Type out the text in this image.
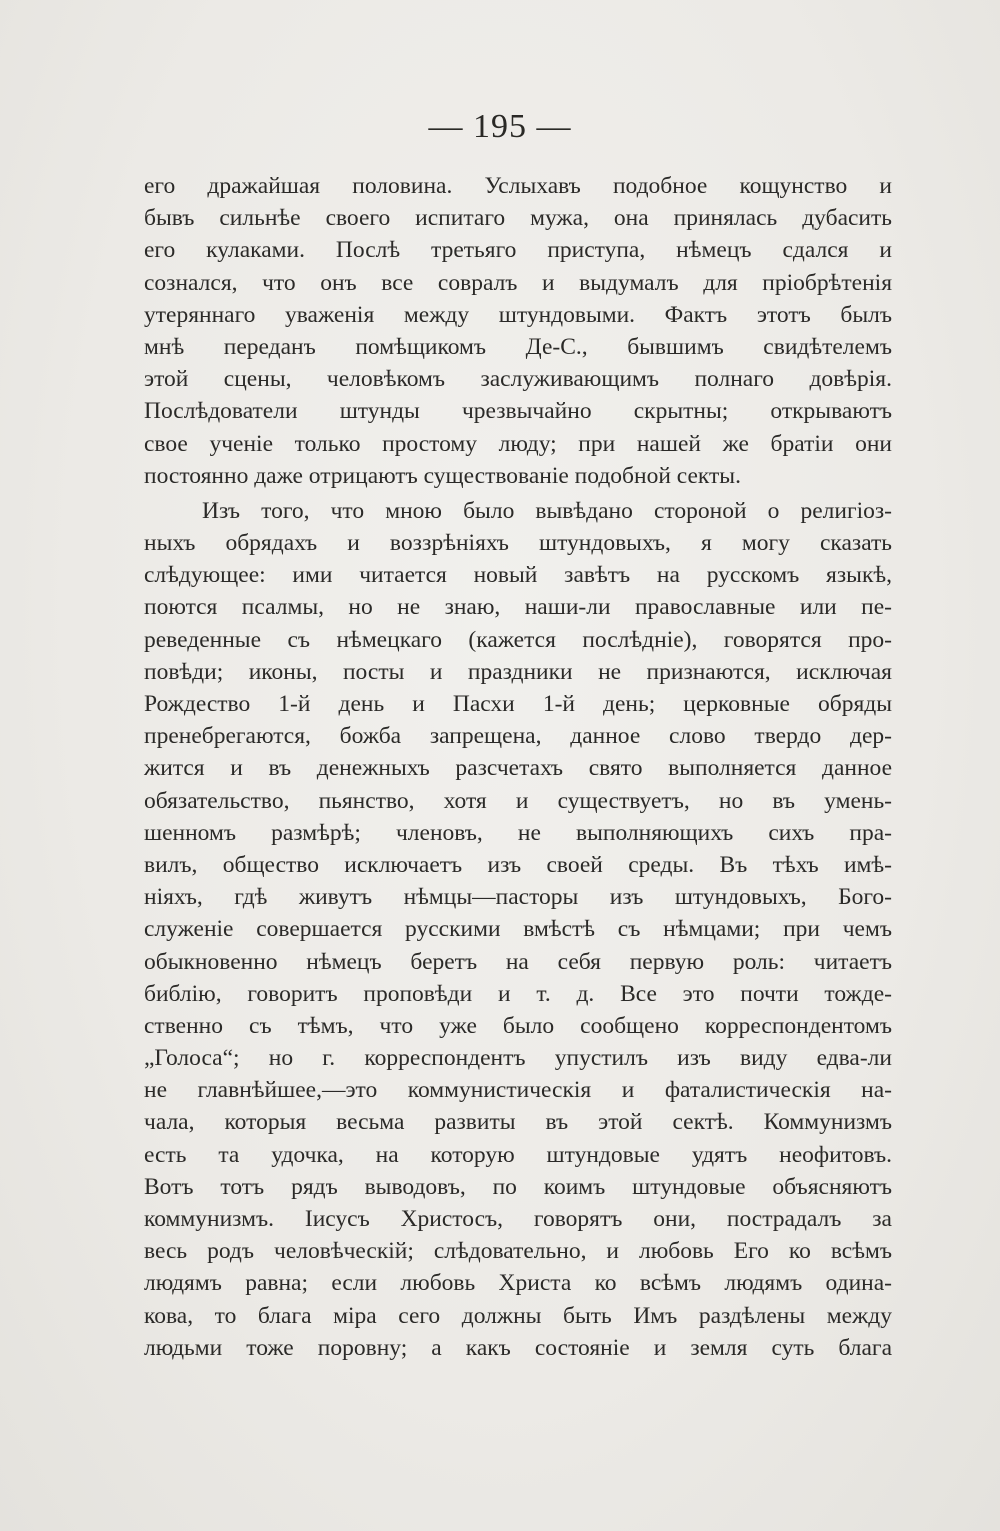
— 195 —
его дражайшая половина. Услыхавъ подобное кощунство и
бывъ сильнѣе своего испитаго мужа, она принялась дубасить
его кулаками. Послѣ третьяго приступа, нѣмецъ сдался и
сознался, что онъ все совралъ и выдумалъ для пріобрѣтенія
утеряннаго уваженія между штундовыми. Фактъ этотъ былъ
мнѣ переданъ помѣщикомъ Де-С., бывшимъ свидѣтелемъ
этой сцены, человѣкомъ заслуживающимъ полнаго довѣрія.
Послѣдователи штунды чрезвычайно скрытны; открываютъ
свое ученіе только простому люду; при нашей же братіи они
постоянно даже отрицаютъ существованіе подобной секты.
Изъ того, что мною было вывѣдано стороной о религіоз-
ныхъ обрядахъ и воззрѣніяхъ штундовыхъ, я могу сказать
слѣдующее: ими читается новый завѣтъ на русскомъ языкѣ,
поются псалмы, но не знаю, наши-ли православные или пе-
реведенные съ нѣмецкаго (кажется послѣдніе), говорятся про-
повѣди; иконы, посты и праздники не признаются, исключая
Рождество 1-й день и Пасхи 1-й день; церковные обряды
пренебрегаются, божба запрещена, данное слово твердо дер-
жится и въ денежныхъ разсчетахъ свято выполняется данное
обязательство, пьянство, хотя и существуетъ, но въ умень-
шенномъ размѣрѣ; членовъ, не выполняющихъ сихъ пра-
вилъ, общество исключаетъ изъ своей среды. Въ тѣхъ имѣ-
ніяхъ, гдѣ живутъ нѣмцы—пасторы изъ штундовыхъ, Бого-
служеніе совершается русскими вмѣстѣ съ нѣмцами; при чемъ
обыкновенно нѣмецъ беретъ на себя первую роль: читаетъ
библію, говоритъ проповѣди и т. д. Все это почти тожде-
ственно съ тѣмъ, что уже было сообщено корреспондентомъ
„Голоса“; но г. корреспондентъ упустилъ изъ виду едва-ли
не главнѣйшее,—это коммунистическія и фаталистическія на-
чала, которыя весьма развиты въ этой сектѣ. Коммунизмъ
есть та удочка, на которую штундовые удятъ неофитовъ.
Вотъ тотъ рядъ выводовъ, по коимъ штундовые объясняютъ
коммунизмъ. Іисусъ Христосъ, говорятъ они, пострадалъ за
весь родъ человѣческій; слѣдовательно, и любовь Его ко всѣмъ
людямъ равна; если любовь Христа ко всѣмъ людямъ одина-
кова, то блага міра сего должны быть Имъ раздѣлены между
людьми тоже поровну; а какъ состояніе и земля суть блага
